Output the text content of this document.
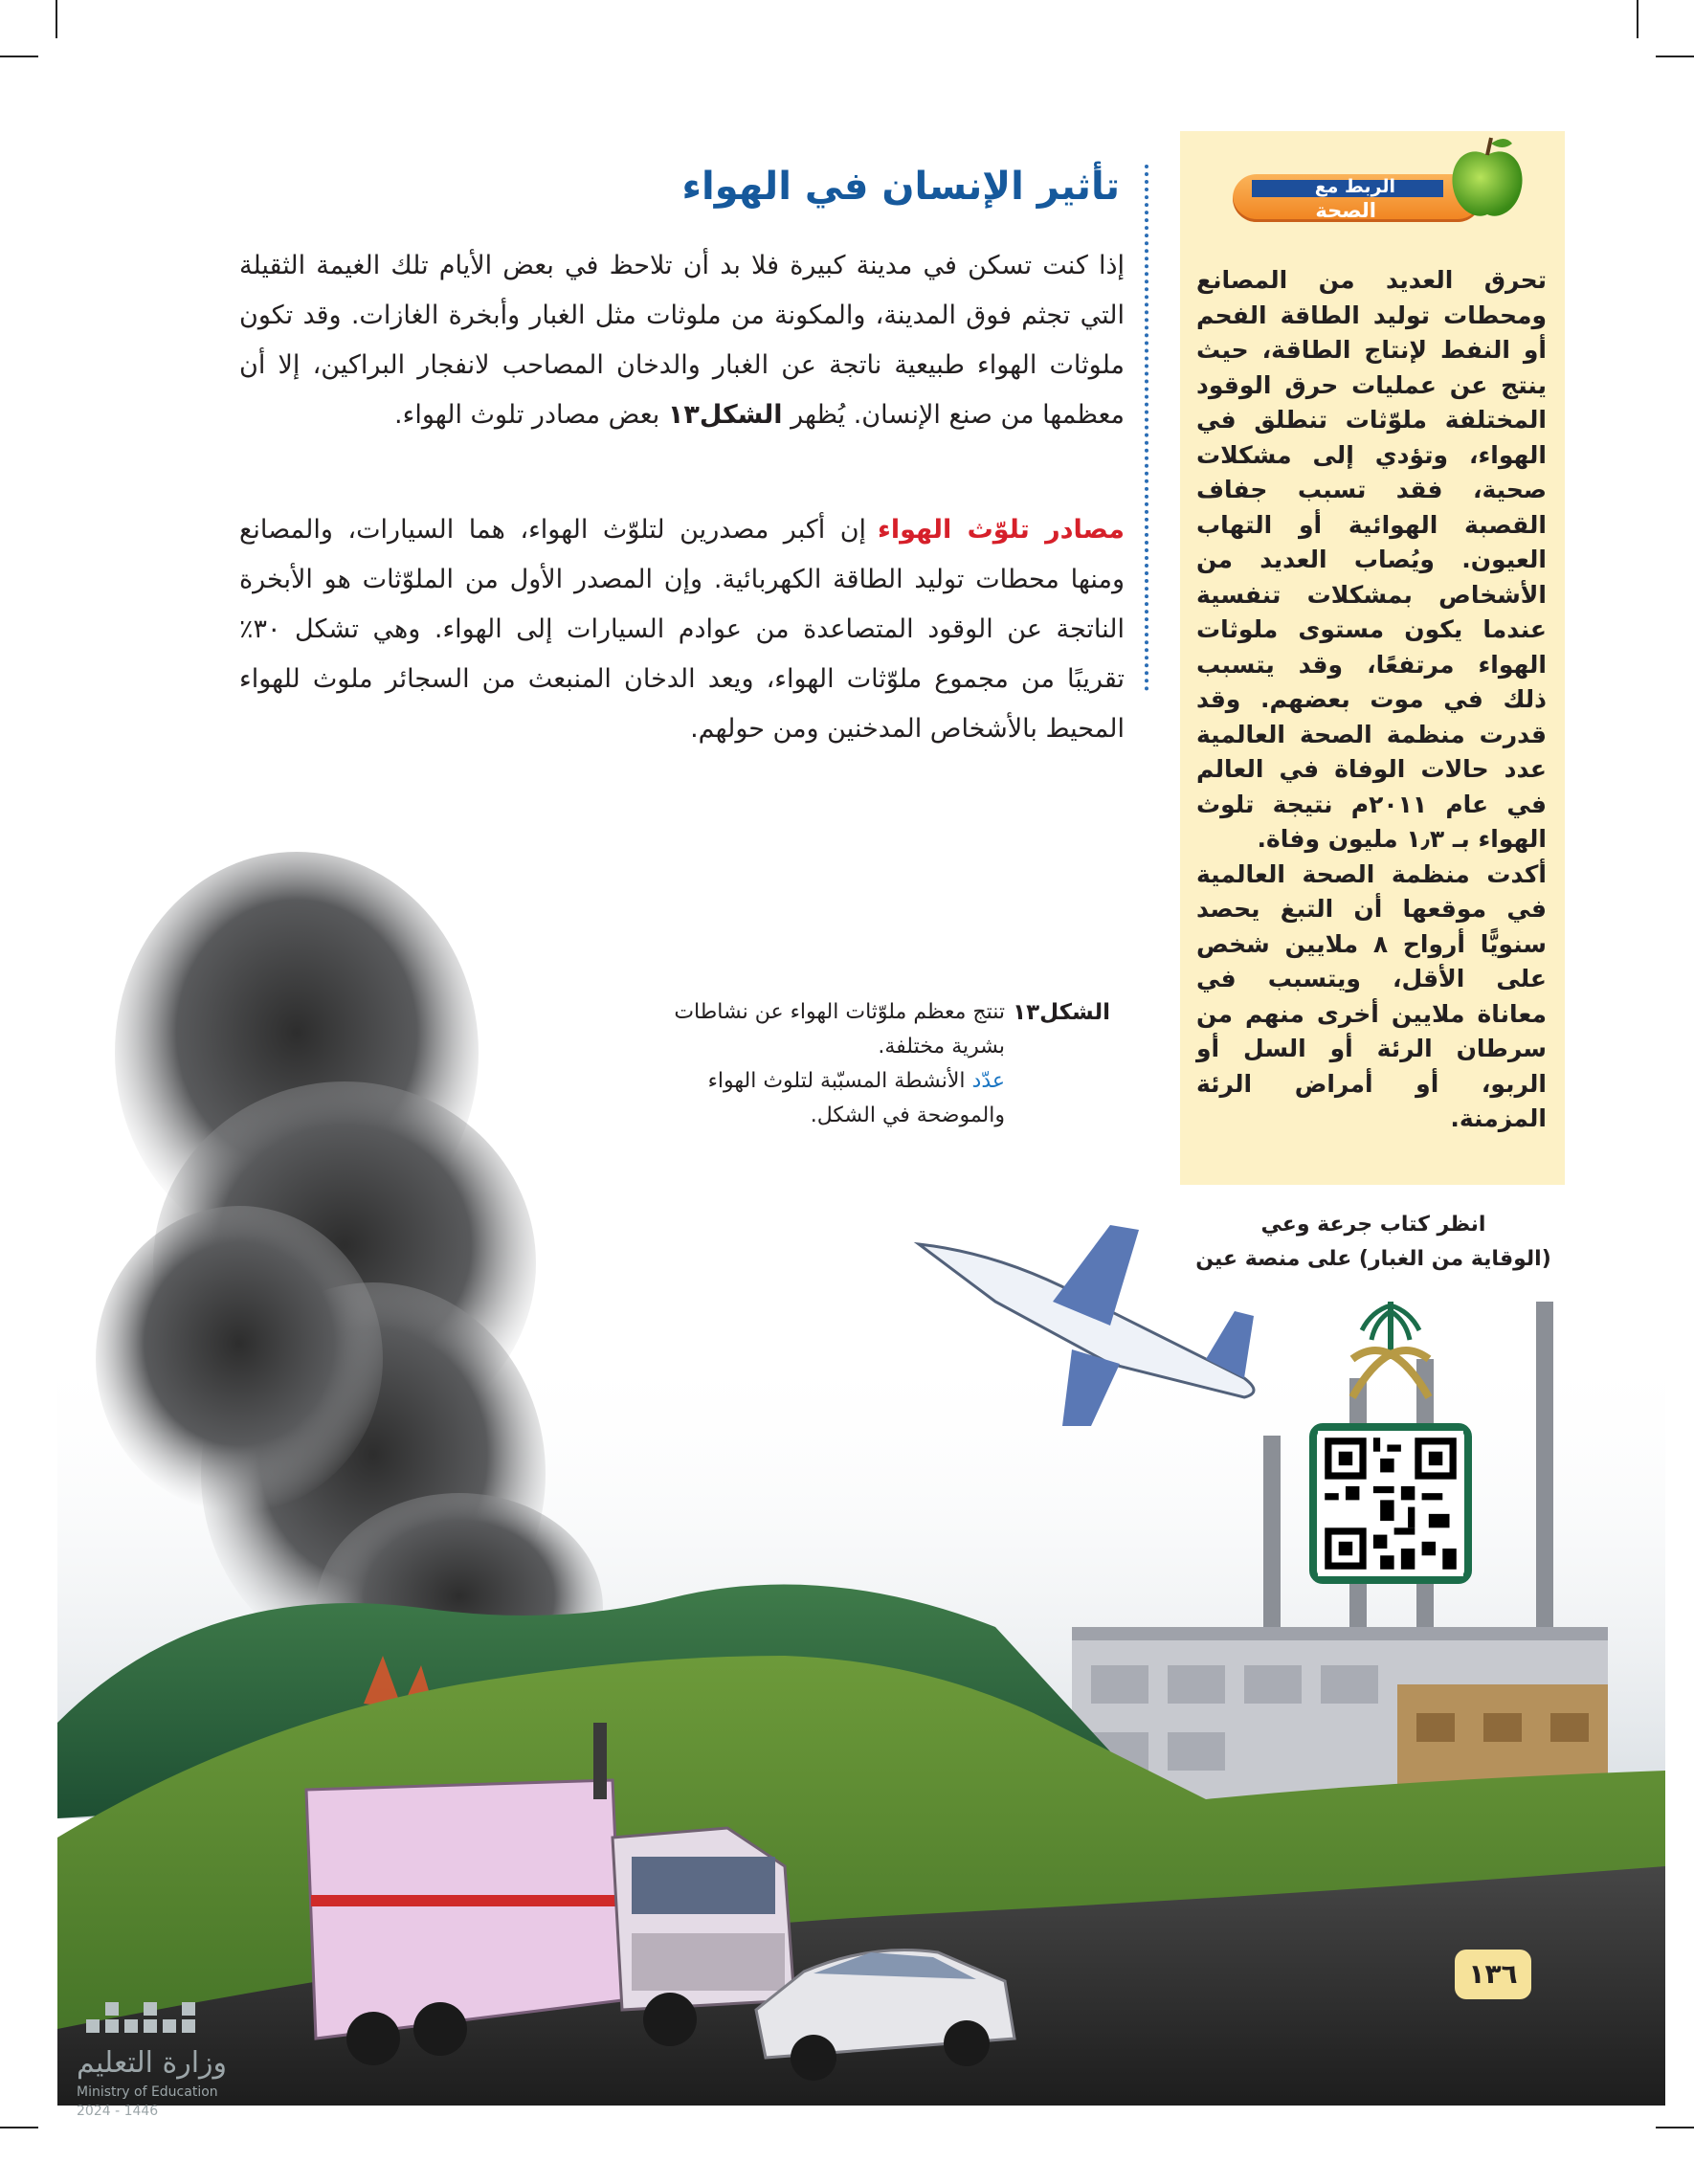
تأثير الإنسان في الهواء

إذا كنت تسكن في مدينة كبيرة فلا بد أن تلاحظ في بعض الأيام تلك الغيمة الثقيلة التي تجثم فوق المدينة، والمكونة من ملوثات مثل الغبار وأبخرة الغازات. وقد تكون ملوثات الهواء طبيعية ناتجة عن الغبار والدخان المصاحب لانفجار البراكين، إلا أن معظمها من صنع الإنسان. يُظهر الشكل١٣ بعض مصادر تلوث الهواء.

مصادر تلوّث الهواءإن أكبر مصدرين لتلوّث الهواء، هما السيارات، والمصانع ومنها محطات توليد الطاقة الكهربائية. وإن المصدر الأول من الملوّثات هو الأبخرة الناتجة عن الوقود المتصاعدة من عوادم السيارات إلى الهواء. وهي تشكل ٣٠٪ تقريبًا من مجموع ملوّثات الهواء، ويعد الدخان المنبعث من السجائر ملوث للهواء المحيط بالأشخاص المدخنين ومن حولهم.

الربط مع
الصحة

تحرق العديد من المصانع ومحطات توليد الطاقة الفحم أو النفط لإنتاج الطاقة، حيث ينتج عن عمليات حرق الوقود المختلفة ملوّثات تنطلق في الهواء، وتؤدي إلى مشكلات صحية، فقد تسبب جفاف القصبة الهوائية أو التهاب العيون. ويُصاب العديد من الأشخاص بمشكلات تنفسية عندما يكون مستوى ملوثات الهواء مرتفعًا، وقد يتسبب ذلك في موت بعضهم. وقد قدرت منظمة الصحة العالمية عدد حالات الوفاة في العالم في عام ٢٠١١م نتيجة تلوث الهواء بـ ١٫٣ مليون وفاة.

أكدت منظمة الصحة العالمية في موقعها أن التبغ يحصد سنويًّا أرواح ٨ ملايين شخص على الأقل، ويتسبب في معاناة ملايين أخرى منهم من سرطان الرئة أو السل أو الربو، أو أمراض الرئة المزمنة.

انظر كتاب جرعة وعي
(الوقاية من الغبار) على منصة عين
الشكل١٣
تنتج معظم ملوّثات الهواء عن نشاطات بشرية مختلفة.
عدّد الأنشطة المسبّبة لتلوث الهواء والموضحة في الشكل.
١٣٦
وزارة التعليم
Ministry of Education
2024 - 1446
